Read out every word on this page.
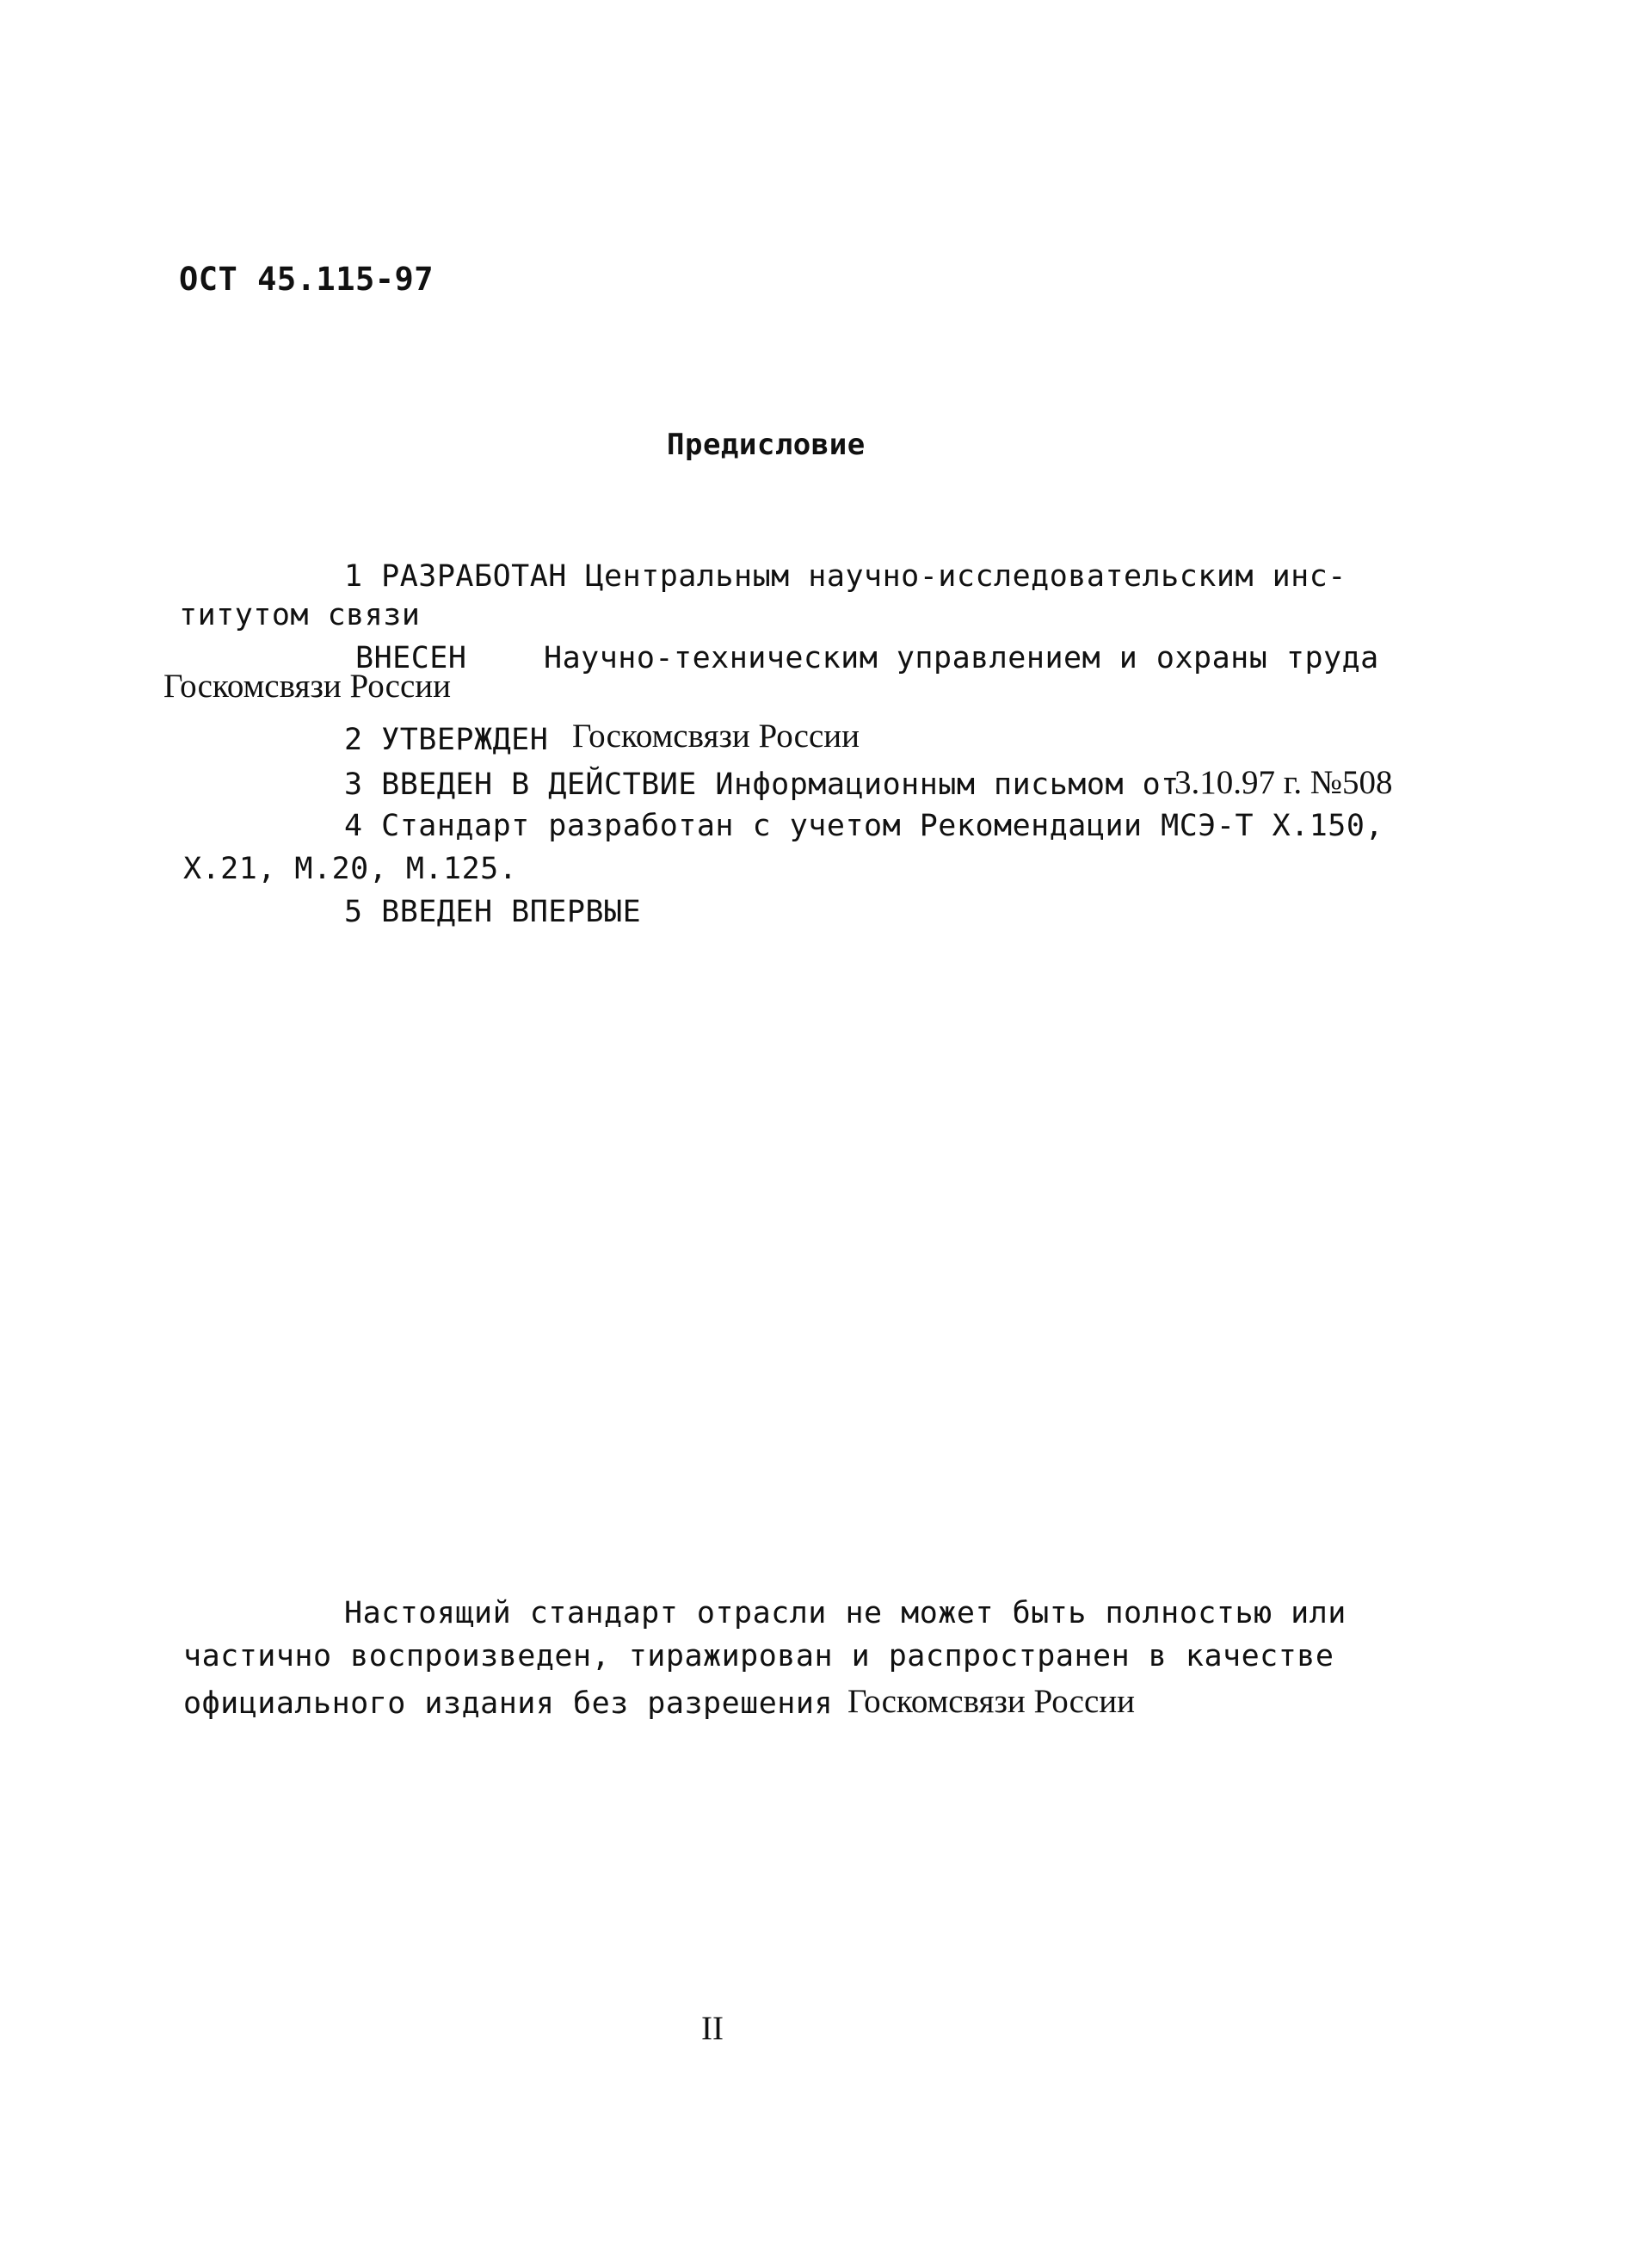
ОСТ 45.115-97
Предисловие
1 РАЗРАБОТАН Центральным научно-исследовательским инс-
титутом связи
ВНЕСЕН	Научно-техническим управлением и охраны труда
Госкомсвязи России
2 УТВЕРЖДЕН Госкомсвязи России
3 ВВЕДЕН В ДЕЙСТВИЕ Информационным письмом от
3.10.97 г. №508
4 Стандарт разработан с учетом Рекомендации МСЭ-Т X.150,
X.21, M.20, M.125.
5 ВВЕДЕН ВПЕРВЫЕ
Настоящий стандарт отрасли не может быть полностью или
частично воспроизведен, тиражирован и распространен в качестве
официального издания без разрешения Госкомсвязи России
II
